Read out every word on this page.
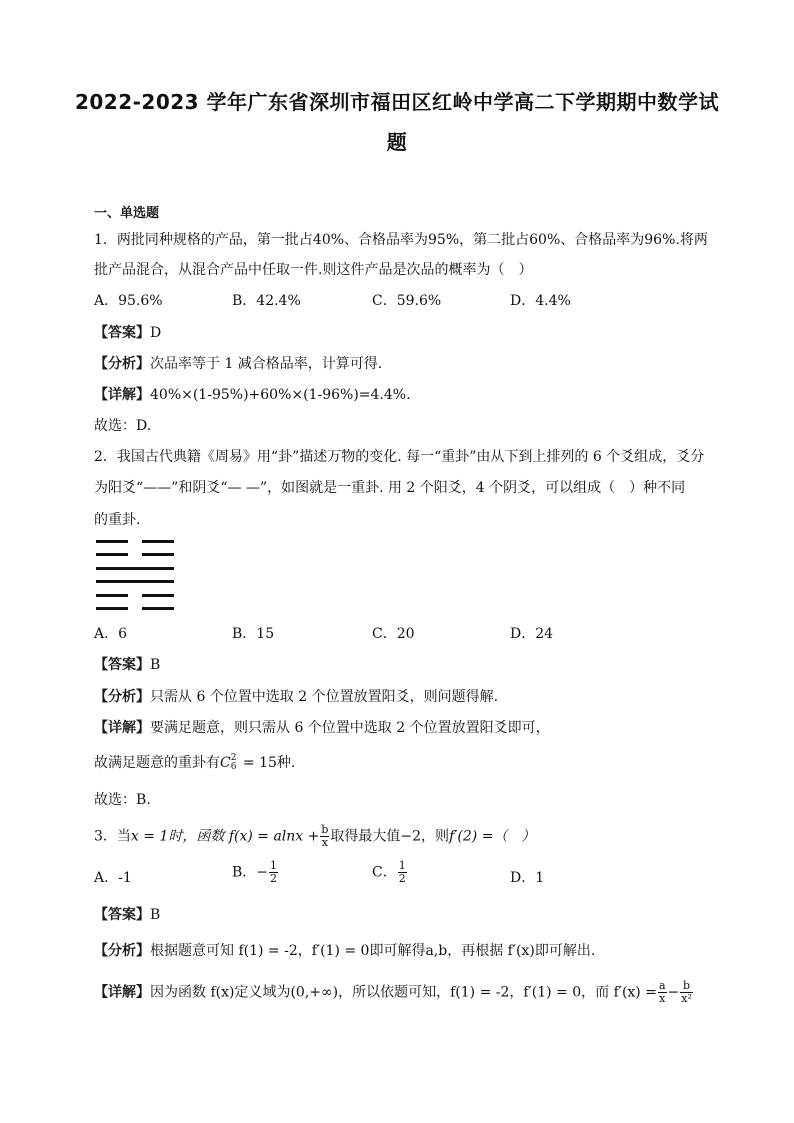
2022-2023 学年广东省深圳市福田区红岭中学高二下学期期中数学试
题
一、单选题
1．两批同种规格的产品，第一批占40%、合格品率为95%，第二批占60%、合格品率为96%.将两
批产品混合，从混合产品中任取一件.则这件产品是次品的概率为（　）
A．95.6%	B．42.4%	C．59.6%	D．4.4%
【答案】D
【分析】次品率等于 1 减合格品率，计算可得.
【详解】40%×(1-95%)+60%×(1-96%)=4.4%.
故选：D.
2．我国古代典籍《周易》用“卦”描述万物的变化. 每一“重卦”由从下到上排列的 6 个爻组成，爻分
为阳爻“——”和阴爻“— —”，如图就是一重卦. 用 2 个阳爻，4 个阴爻，可以组成（　）种不同
的重卦.
A．6	B．15	C．20	D．24
【答案】B
【分析】只需从 6 个位置中选取 2 个位置放置阳爻，则问题得解.
【详解】要满足题意，则只需从 6 个位置中选取 2 个位置放置阳爻即可，
故满足题意的重卦有C 2
6 = 15种.
故选：B.
3．当x = 1时，函数 $f(x) = alnx + \frac{b}{x}$ 取得最大值−2，则f′(2) =（　）
A．-1	B．− $\frac{1}{2}$	C． $\frac{1}{2}$	D．1
【答案】B
【分析】根据题意可知 f(1) = -2，f′(1) = 0即可解得a,b，再根据 f′(x)即可解出.
【详解】因为函数 f(x)定义域为(0,+∞)，所以依题可知，f(1) = -2，f′(1) = 0，而 $f'(x) = \frac{a}{x} - \frac{b}{\text{x²}}$
